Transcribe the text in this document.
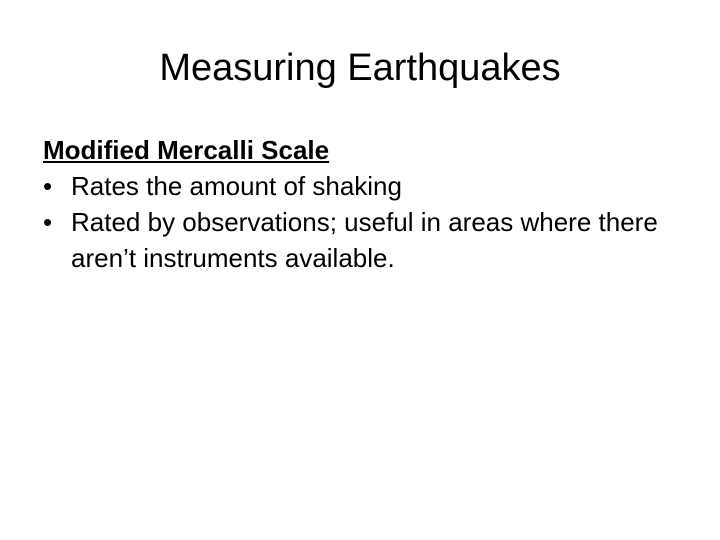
Measuring Earthquakes

Modified Mercalli Scale

• Rates the amount of shaking
• Rated by observations; useful in areas where there aren’t instruments available.
